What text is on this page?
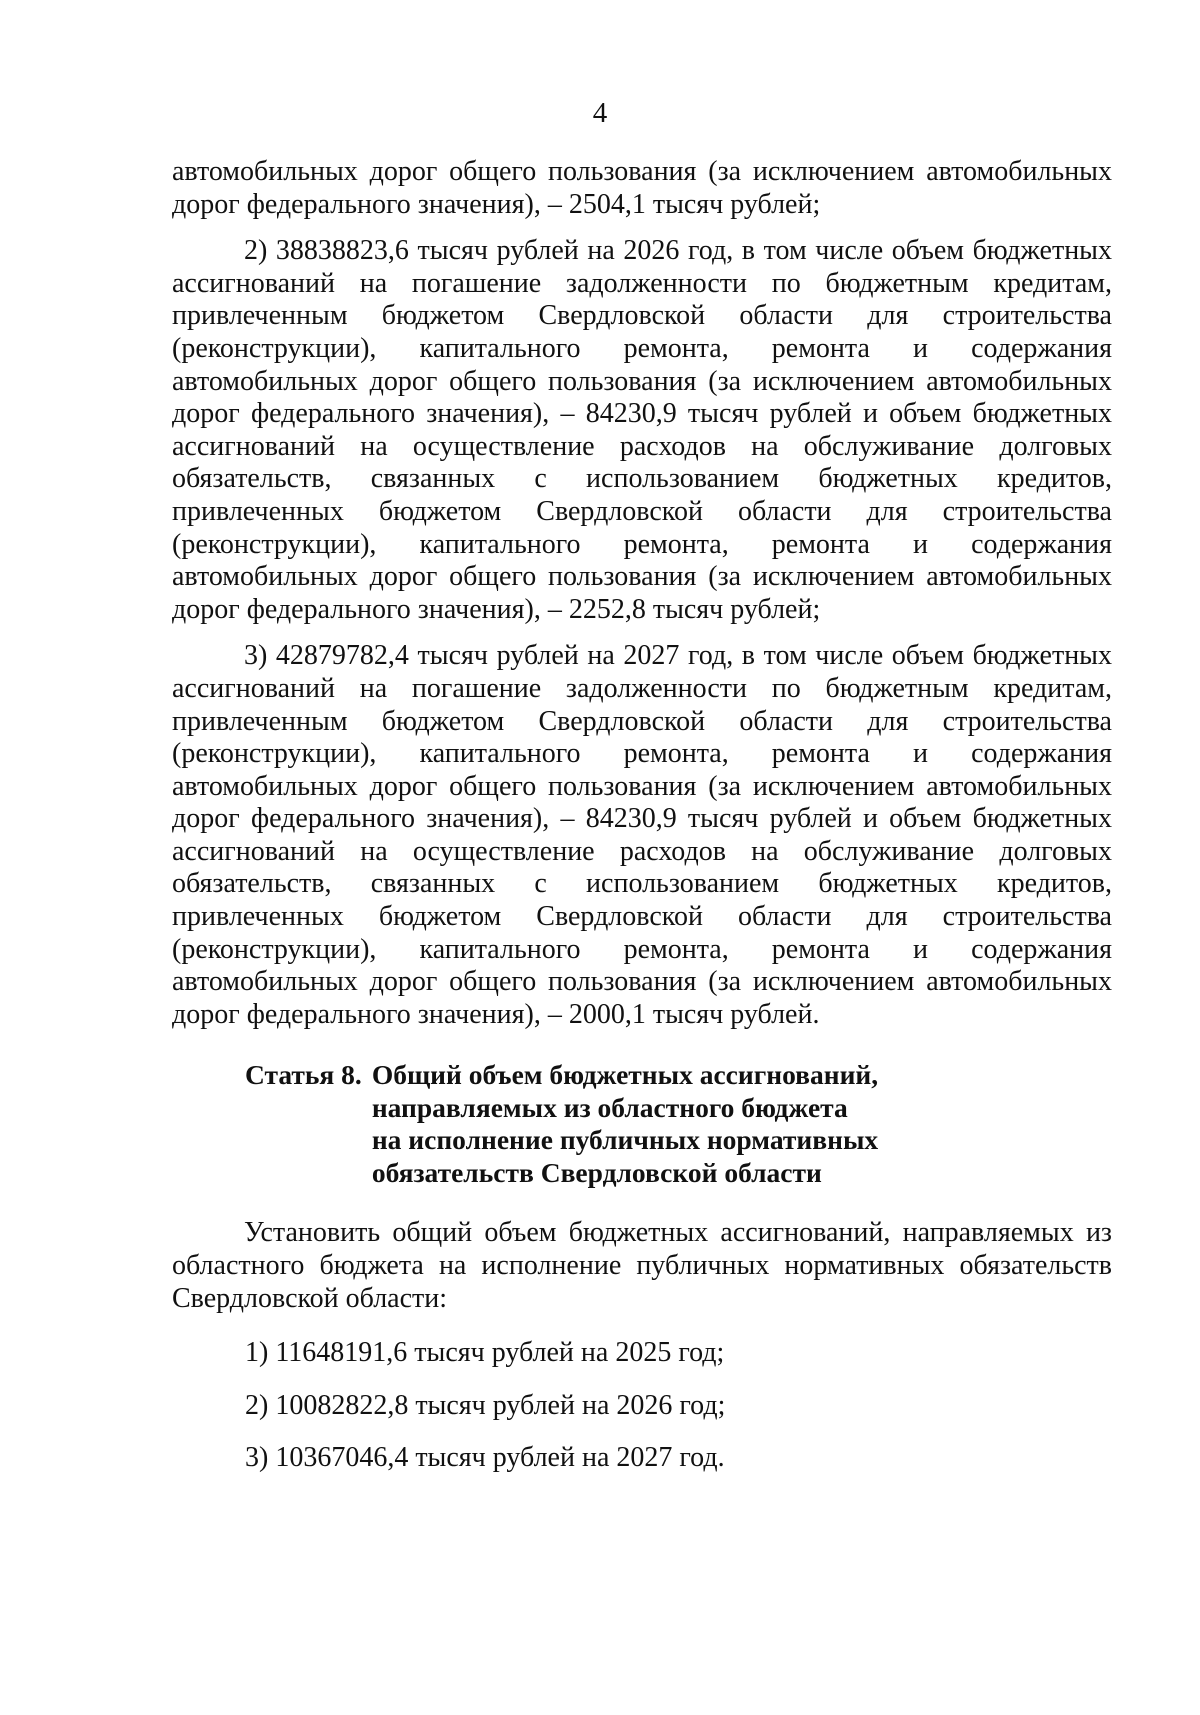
4

автомобильных дорог общего пользования (за исключением автомобильных дорог федерального значения), – 2504,1 тысяч рублей;

2) 38838823,6 тысяч рублей на 2026 год, в том числе объем бюджетных ассигнований на погашение задолженности по бюджетным кредитам, привлеченным бюджетом Свердловской области для строительства (реконструкции), капитального ремонта, ремонта и содержания автомобильных дорог общего пользования (за исключением автомобильных дорог федерального значения), – 84230,9 тысяч рублей и объем бюджетных ассигнований на осуществление расходов на обслуживание долговых обязательств, связанных с использованием бюджетных кредитов, привлеченных бюджетом Свердловской области для строительства (реконструкции), капитального ремонта, ремонта и содержания автомобильных дорог общего пользования (за исключением автомобильных дорог федерального значения), – 2252,8 тысяч рублей;

3) 42879782,4 тысяч рублей на 2027 год, в том числе объем бюджетных ассигнований на погашение задолженности по бюджетным кредитам, привлеченным бюджетом Свердловской области для строительства (реконструкции), капитального ремонта, ремонта и содержания автомобильных дорог общего пользования (за исключением автомобильных дорог федерального значения), – 84230,9 тысяч рублей и объем бюджетных ассигнований на осуществление расходов на обслуживание долговых обязательств, связанных с использованием бюджетных кредитов, привлеченных бюджетом Свердловской области для строительства (реконструкции), капитального ремонта, ремонта и содержания автомобильных дорог общего пользования (за исключением автомобильных дорог федерального значения), – 2000,1 тысяч рублей.

Статья 8. Общий объем бюджетных ассигнований,
направляемых из областного бюджета
на исполнение публичных нормативных
обязательств Свердловской области

Установить общий объем бюджетных ассигнований, направляемых из областного бюджета на исполнение публичных нормативных обязательств Свердловской области:

1) 11648191,6 тысяч рублей на 2025 год;

2) 10082822,8 тысяч рублей на 2026 год;

3) 10367046,4 тысяч рублей на 2027 год.
